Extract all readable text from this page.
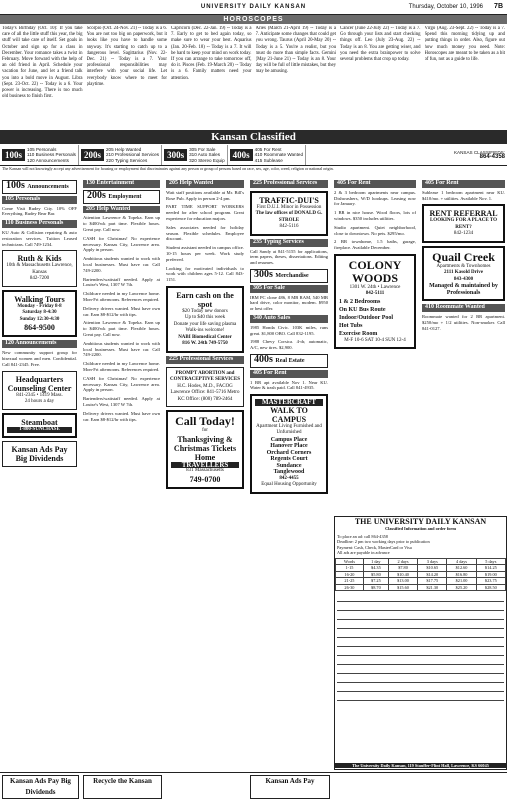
UNIVERSITY DAILY KANSAN	Thursday, October 10, 1996 7B
HOROSCOPES
Today's Birthday (Oct. 10): If you take care of all the little stuff this year, the big stuff will take care of itself. Set goals in October and sign up for a class in December. Your romance takes a twist in February. Move forward with the help of an old friend in April. Schedule your vacation for June, and let a friend talk you into a bold move in August. Libra (Sept. 23-Oct. 22) -- Today is a 6. Your power is increasing. There is too much old business to finish first.
Scorpio (Oct. 24-Nov. 21) -- Today is a 6. You are not too big on paperwork, but it looks like you have to handle some anyway. It's starting to catch up to a dangerous level. Sagittarius (Nov. 22-Dec. 21) -- Today is a 7. Your professional responsibilities may interfere with your social life. Let everybody know where to meet for playtime.
Capricorn (Dec. 22-Jan. 19) -- Today is a 7. Early to get to bed again today, so make sure to wear your best. Aquarius (Jan. 20-Feb. 18) -- Today is a 7. It will be hard to keep your mind on work today. If you can arrange to take tomorrow off, do it. Pisces (Feb. 19-March 20) -- Today is a 6. Family matters need your attention.
Aries (March 21-April 19) -- Today is a 7. Anticipate some changes that could get you wrong. Taurus (April 20-May 20) -- Today is a 5. You're a realist, but you must do more than simple facts. Gemini (May 21-June 21) -- Today is an 8. Your day will be full of little mistakes, but they may be amusing.
Cancer (June 22-July 22) -- Today is a 7. Go through your lists and start checking things off. Leo (July 23-Aug. 22) -- Today is an 8. You are getting wiser, and you need the extra brainpower to solve several problems that crop up today.
Virgo (Aug. 23-Sept. 22) -- Today is a 7. Spend this morning tidying up and putting things in order. Also, figure out how much money you need. Note: Horoscopes are meant to be taken as a bit of fun, not as a guide to life.
Kansan Classified
100s
105 Personals
110 Business Personals
120 Announcements
200s
205 Help Wanted
210 Professional Services
220 Typing Services
300s
305 For Sale
310 Auto Sales
320 Stereo Equip
400s
405 For Rent
410 Roommate Wanted
415 Sublease
KANSAS CLASSIFIEDS:
864-4358
The Kansan will not knowingly accept any advertisement for housing or employment that discriminates against any person or group of persons based on race, sex, age, color, creed, religion or national origin.
100s Announcements
105 Personals

Come Visit Rudey City. 10% OFF Everything. Rudey Bear Bar.

110 Business Personals

KU Auto & Collision repairing & auto restoration services. Tuition Leased technicians. Call 749-1234.

Ruth & Kids
10th & Massachusetts Lawrence, Kansas
842-7200
Walking Tours
Monday - Friday 8-8
Saturday 8-4:30
Sunday 12:30-4:30
864-9500
120 Announcements

New community support group for bisexual women and men. Confidential. Call 841-2345. Free.

Headquarters Counseling Center
841-2345 • 1419 Mass.
24 hours a day
Steamboat
1-800-SUNCHASE
Kansan Ads Pay Big Dividends
130 Entertainment
200s Employment
205 Help Wanted

Attention Lawrence & Topeka. Earn up to $400/wk part time. Flexible hours. Great pay. Call now.

CASH for Christmas! No experience necessary. Kansas City, Lawrence area. Apply in person.

Ambitious students wanted to work with local businesses. Must have car. Call 749-2200.

Bartenders/waitstaff needed. Apply at Louise's West, 1307 W 7th.

Childcare needed in my Lawrence home. Mon-Fri afternoons. References required.

Delivery drivers wanted. Must have own car. Earn $8-$12/hr with tips.

Attention Lawrence & Topeka. Earn up to $400/wk part time. Flexible hours. Great pay. Call now.

Ambitious students wanted to work with local businesses. Must have car. Call 749-2200.

Childcare needed in my Lawrence home. Mon-Fri afternoons. References required.

CASH for Christmas! No experience necessary. Kansas City, Lawrence area. Apply in person.

Bartenders/waitstaff needed. Apply at Louise's West, 1307 W 7th.

Delivery drivers wanted. Must have own car. Earn $8-$12/hr with tips.

205 Help Wanted

Wait staff positions available at Mr. Bill's Rose Pub. Apply in person 2-4 pm.

PART TIME SUPPORT WORKERS needed for after school program. Great experience for education majors.

Sales associates needed for holiday season. Flexible schedules. Employee discount.

Student assistant needed in campus office. 10-15 hours per week. Work study preferred.

Looking for motivated individuals to work with children ages 5-12. Call 843-1151.

Earn cash on the spot
$20 Today new donors
Up to $40 this week
Donate your life saving plasma
Walk-ins welcome!
NABI Biomedical Center
816 W. 24th 749-5750
225 Professional Services
PROMPT ABORTION and CONTRACEPTIVE SERVICES
H.C. Hodes, M.D., FACOG Lawrence Office: 841-5716 Metro KC Office: (800) 789-2464
Call Today!
for
Thanksgiving & Christmas Tickets Home
TRAVELLERS
831 Massachusetts
749-0700
225 Professional Services
TRAFFIC-DUI'S
First D.U.I. Minor in Possession
The law offices of DONALD G. STROLE
842-5116
235 Typing Services

Call Sandy at 841-5155 for applications, term papers, theses, dissertations. Editing and resumes.

300s Merchandise
305 For Sale

IBM PC clone 486, 8 MB RAM, 540 MB hard drive, color monitor, modem. $950 or best offer.

340 Auto Sales

1985 Honda Civic. 103K miles, runs great. $1,800 OBO. Call 832-1195.

1988 Chevy Corsica. 4-dr, automatic, A/C, new tires. $2,900.

400s Real Estate
405 For Rent

1 BR apt available Nov 1. Near KU. Water & trash paid. Call 841-4935.

MASTERCRAFT
WALK TO CAMPUS
Apartment Living Furnished and Unfurnished
Campus Place
Hanover Place
Orchard Corners
Regents Court
Sundance
Tanglewood
842-4455
Equal Housing Opportunity
405 For Rent

2 & 3 bedroom apartments near campus. Dishwashers, W/D hookups. Leasing now for January.

1 BR in nice house. Wood floors, lots of windows. $350 includes utilities.

Studio apartment. Quiet neighborhood, close to downtown. No pets. $295/mo.

2 BR townhome, 1.5 baths, garage, fireplace. Available December.

COLONY WOODS
1301 W. 24th • Lawrence
842-5111
1 & 2 Bedrooms
On KU Bus Route
Indoor/Outdoor Pool
Hot Tubs
Exercise Room
M-F 10-6 SAT 10-4 SUN 12-4
405 For Rent

Sublease 1 bedroom apartment near KU. $410/mo. + utilities. Available Nov. 1.

RENT REFERRAL
LOOKING FOR A PLACE TO RENT?
842-1234
Quail Creek
Apartments & Townhomes
2111 Kasold Drive
843-4300
Managed & maintained by Professionals
410 Roommate Wanted

Roommate wanted for 2 BR apartment. $250/mo + 1/2 utilities. Non-smoker. Call 841-0127.

THE UNIVERSITY DAILY KANSAN
Classified Information and order form
To place an ad: call 864-4358
Deadline: 2 pm two working days prior to publication
Payment: Cash, Check, MasterCard or Visa
All ads are payable in advance
Words	1 day	2 days	3 days	4 days	5 days
1-15	$4.35	$7.80	$10.65	$12.60	$14.25
16-20	$5.80	$10.40	$14.20	$16.80	$19.00
21-25	$7.25	$13.00	$17.75	$21.00	$23.75
26-30	$8.70	$15.60	$21.30	$25.20	$28.50
The University Daily Kansan, 119 Stauffer-Flint Hall, Lawrence, KS 66045
Kansan Ads Pay Big Dividends
Recycle the Kansan	Kansan Ads Pay
